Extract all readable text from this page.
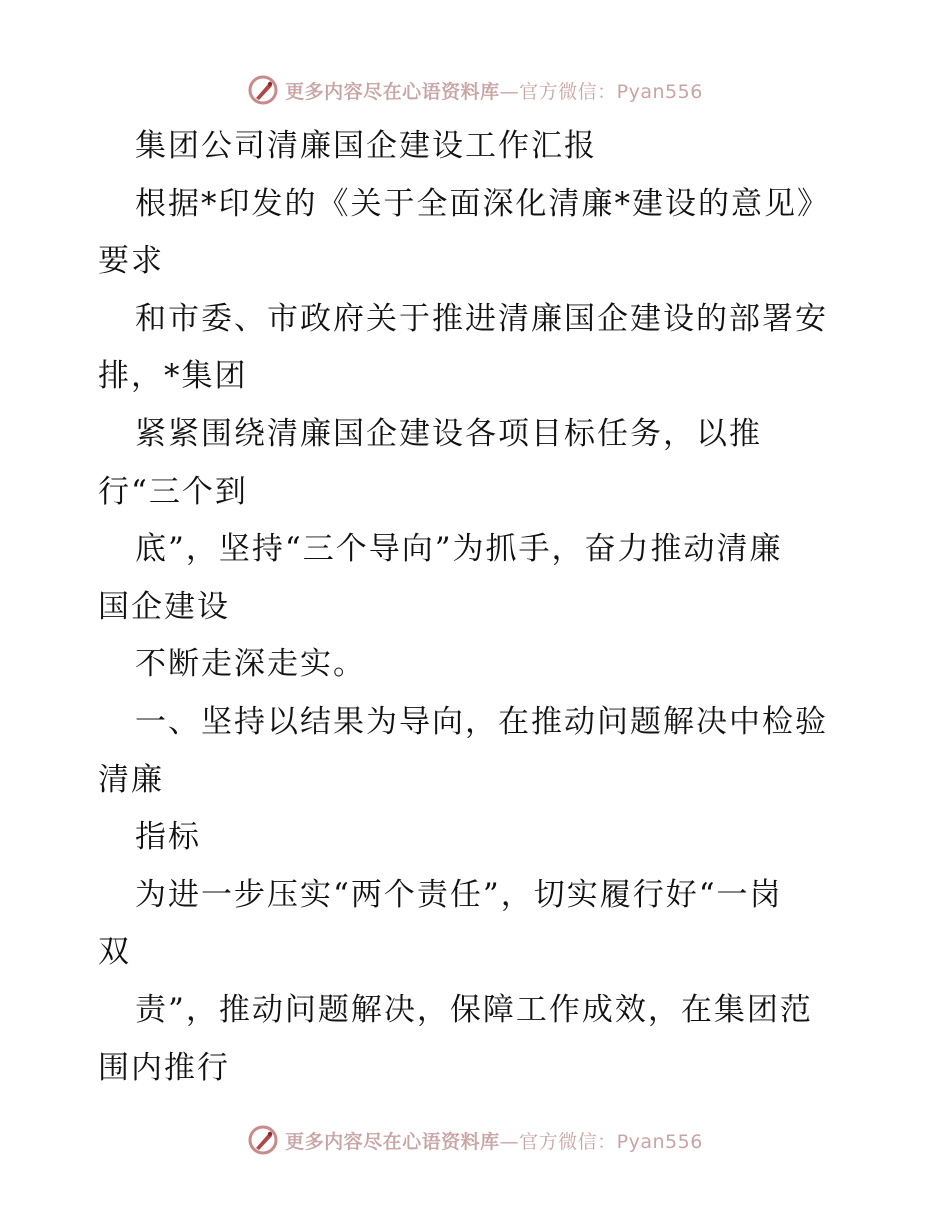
更多内容尽在心语资料库—官方微信：Pyan556
集团公司清廉国企建设工作汇报
根据*印发的《关于全面深化清廉*建设的意见》
要求
和市委、市政府关于推进清廉国企建设的部署安
排，*集团
紧紧围绕清廉国企建设各项目标任务，以推
行“三个到
底”，坚持“三个导向”为抓手，奋力推动清廉
国企建设
不断走深走实。
一、坚持以结果为导向，在推动问题解决中检验
清廉
指标
为进一步压实“两个责任”，切实履行好“一岗
双
责”，推动问题解决，保障工作成效，在集团范
围内推行
更多内容尽在心语资料库—官方微信：Pyan556
